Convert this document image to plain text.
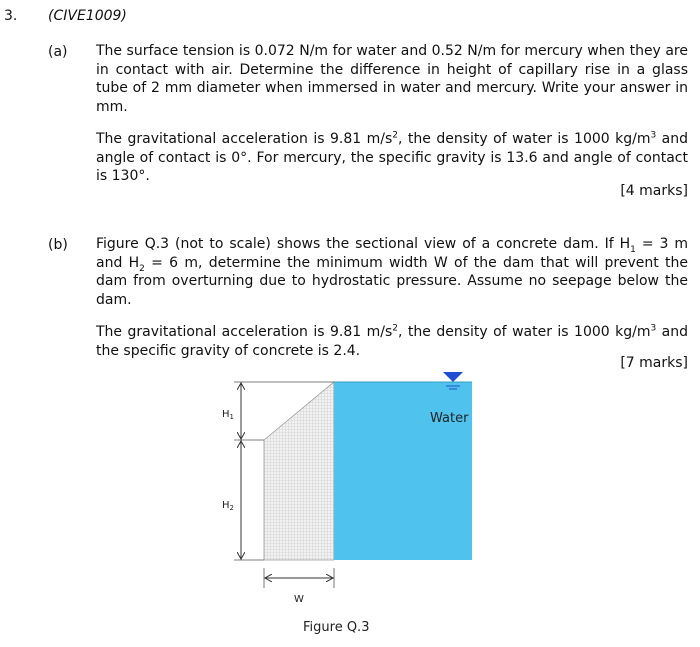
3. (CIVE1009)
(a) The surface tension is 0.072 N/m for water and 0.52 N/m for mercury when they are in contact with air. Determine the difference in height of capillary rise in a glass tube of 2 mm diameter when immersed in water and mercury. Write your answer in mm.
The gravitational acceleration is 9.81 $m/s^2$, the density of water is 1000 $kg/m^3$ and angle of contact is 0°. For mercury, the specific gravity is 13.6 and angle of contact is 130°.
[4 marks]
(b) Figure Q.3 (not to scale) shows the sectional view of a concrete dam. If $H_1 = 3$ m and $H_2 = 6$ m, determine the minimum width W of the dam that will prevent the dam from overturning due to hydrostatic pressure. Assume no seepage below the dam.
The gravitational acceleration is 9.81 $m/s^2$, the density of water is 1000 $kg/m^3$ and the specific gravity of concrete is 2.4.
[7 marks]
$H_1$
$H_2$
W
Water
Figure Q.3
